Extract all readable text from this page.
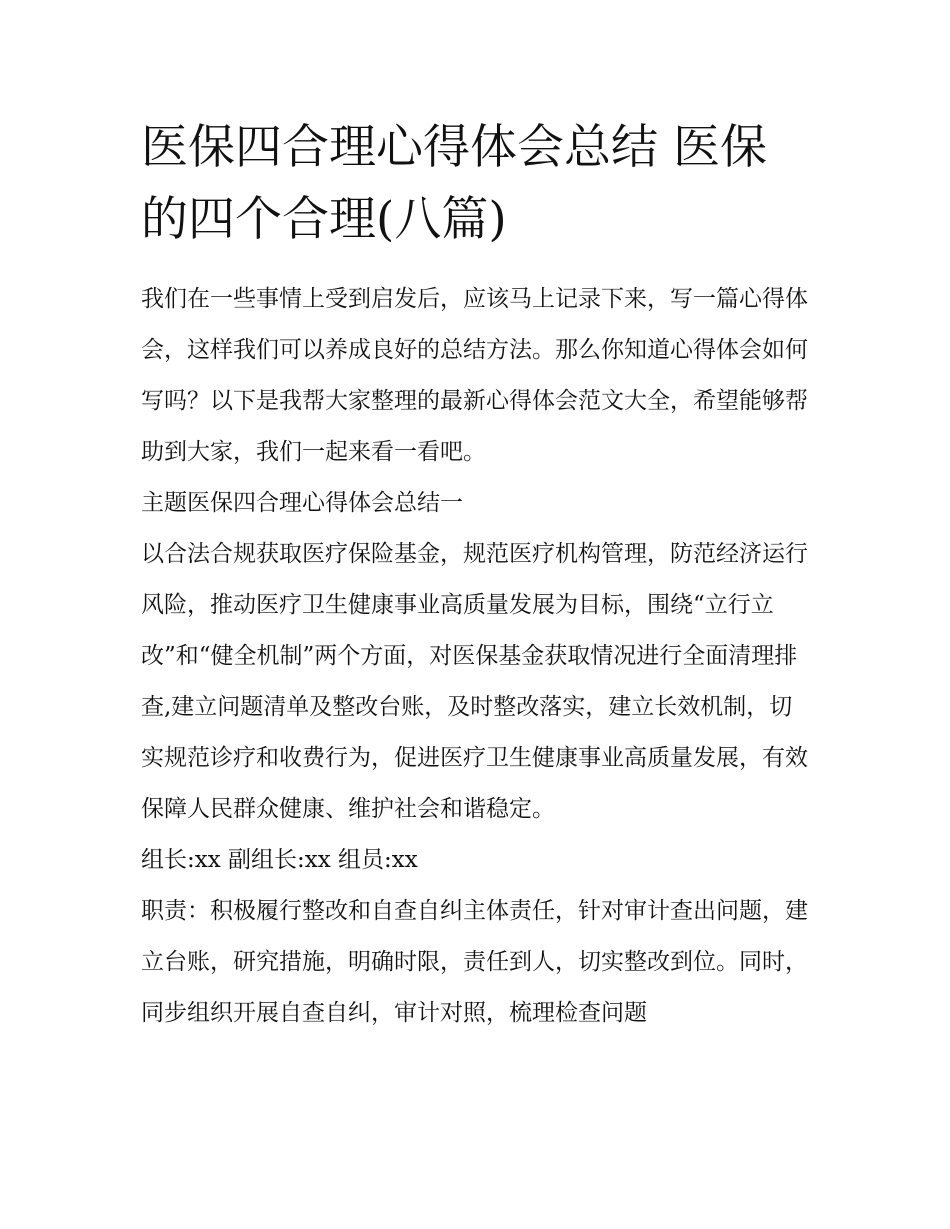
医保四合理心得体会总结 医保的四个合理(八篇)

我们在一些事情上受到启发后，应该马上记录下来，写一篇心得体会，这样我们可以养成良好的总结方法。那么你知道心得体会如何写吗？以下是我帮大家整理的最新心得体会范文大全，希望能够帮助到大家，我们一起来看一看吧。

主题医保四合理心得体会总结一

以合法合规获取医疗保险基金，规范医疗机构管理，防范经济运行风险，推动医疗卫生健康事业高质量发展为目标，围绕“立行立改”和“健全机制”两个方面，对医保基金获取情况进行全面清理排查,建立问题清单及整改台账，及时整改落实，建立长效机制，切实规范诊疗和收费行为，促进医疗卫生健康事业高质量发展，有效保障人民群众健康、维护社会和谐稳定。

组长:xx 副组长:xx 组员:xx

职责：积极履行整改和自查自纠主体责任，针对审计查出问题，建立台账，研究措施，明确时限，责任到人，切实整改到位。同时，同步组织开展自查自纠，审计对照，梳理检查问题
